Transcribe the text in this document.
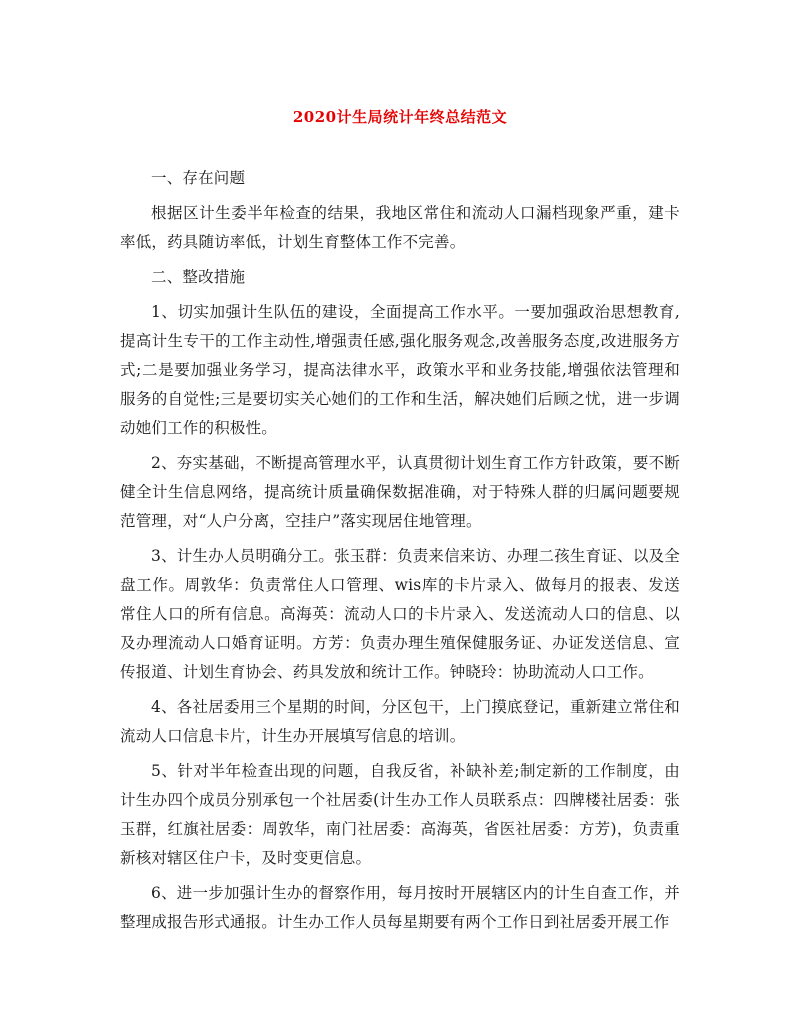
2020计生局统计年终总结范文

一、存在问题

根据区计生委半年检查的结果，我地区常住和流动人口漏档现象严重，建卡率低，药具随访率低，计划生育整体工作不完善。

二、整改措施

1、切实加强计生队伍的建设，全面提高工作水平。一要加强政治思想教育,提高计生专干的工作主动性,增强责任感,强化服务观念,改善服务态度,改进服务方式;二是要加强业务学习，提高法律水平，政策水平和业务技能,增强依法管理和服务的自觉性;三是要切实关心她们的工作和生活，解决她们后顾之忧，进一步调动她们工作的积极性。

2、夯实基础，不断提高管理水平，认真贯彻计划生育工作方针政策，要不断健全计生信息网络，提高统计质量确保数据准确，对于特殊人群的归属问题要规范管理，对“人户分离，空挂户”落实现居住地管理。

3、计生办人员明确分工。张玉群：负责来信来访、办理二孩生育证、以及全盘工作。周敦华：负责常住人口管理、wis库的卡片录入、做每月的报表、发送常住人口的所有信息。高海英：流动人口的卡片录入、发送流动人口的信息、以及办理流动人口婚育证明。方芳：负责办理生殖保健服务证、办证发送信息、宣传报道、计划生育协会、药具发放和统计工作。钟晓玲：协助流动人口工作。

4、各社居委用三个星期的时间，分区包干，上门摸底登记，重新建立常住和流动人口信息卡片，计生办开展填写信息的培训。

5、针对半年检查出现的问题，自我反省，补缺补差;制定新的工作制度，由计生办四个成员分别承包一个社居委(计生办工作人员联系点：四牌楼社居委：张玉群，红旗社居委：周敦华，南门社居委：高海英，省医社居委：方芳)，负责重新核对辖区住户卡，及时变更信息。

6、进一步加强计生办的督察作用，每月按时开展辖区内的计生自查工作，并整理成报告形式通报。计生办工作人员每星期要有两个工作日到社居委开展工作
